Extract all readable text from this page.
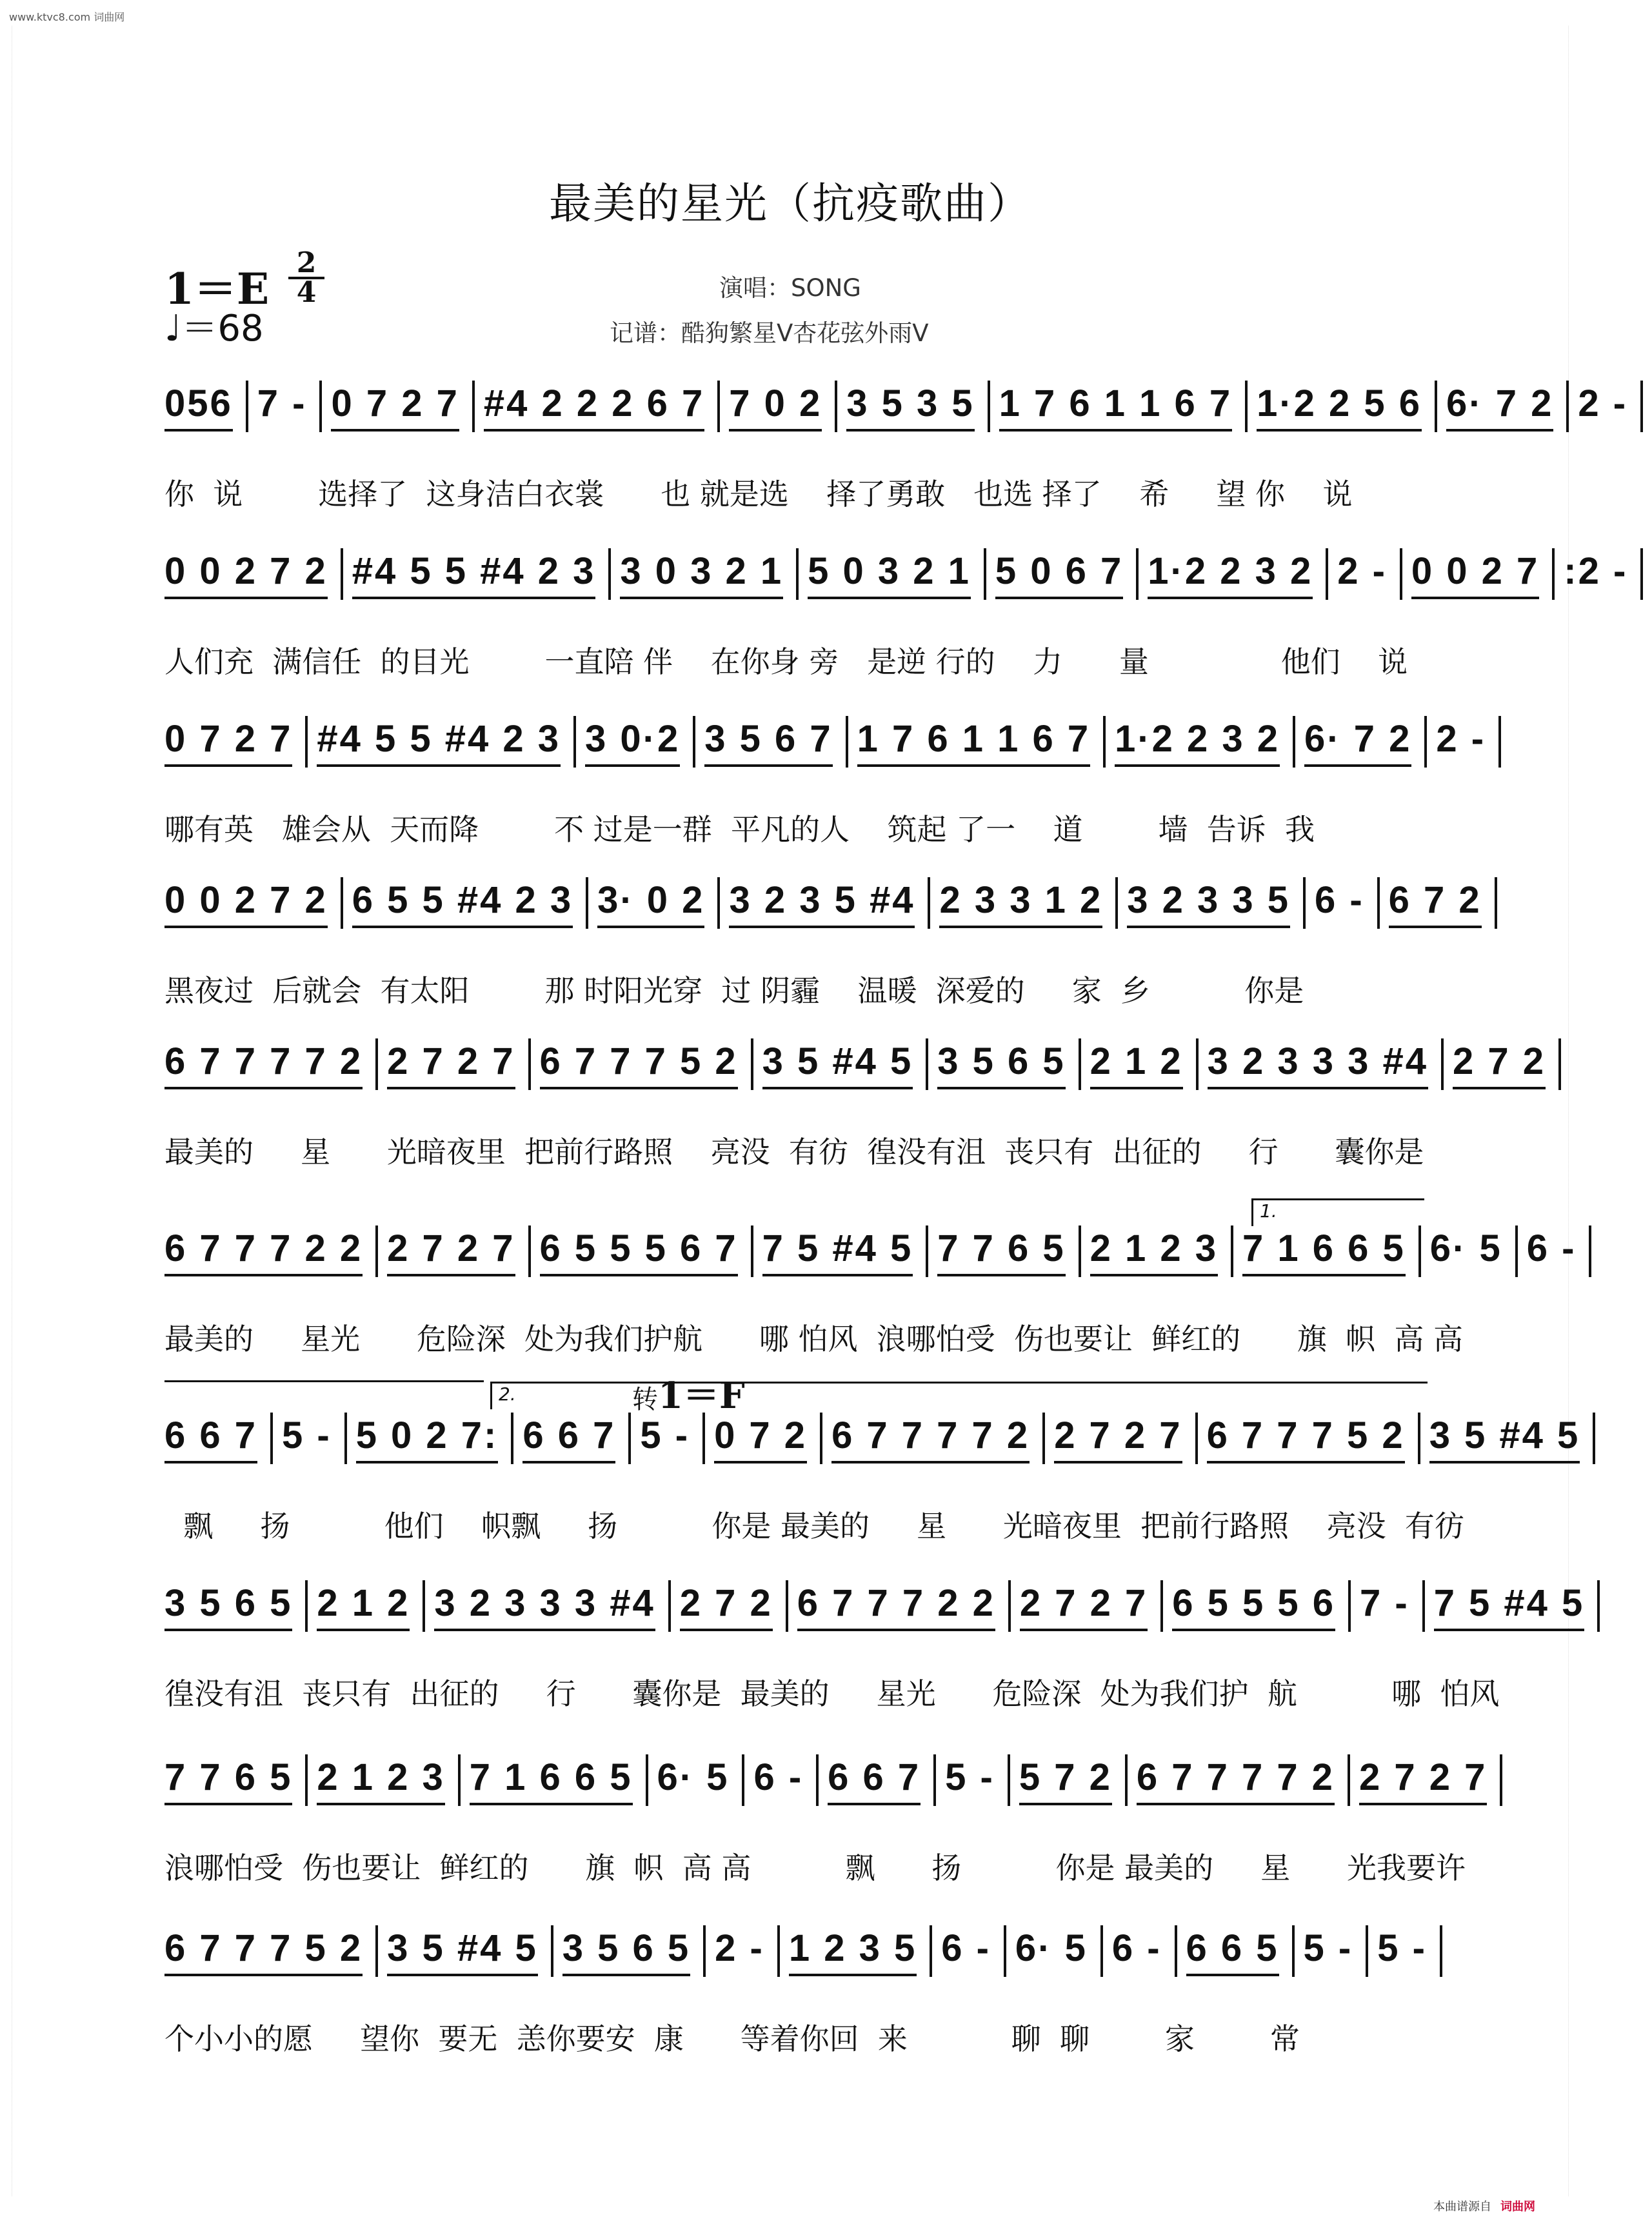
www.ktvc8.com 词曲网
最美的星光（抗疫歌曲）
1＝E
2
4
♩＝68
演唱：SONG
记谱：酷狗繁星V杏花弦外雨V
056 7 - 0 7 2 7 #4 2 2 2 6 7 7 0 2 3 5 3 5 1 7 6 1 1 6 7 1·2 2 5 6 6· 7 2 2 -
你  说        选择了  这身洁白衣裳      也 就是选    择了勇敢   也选 择了    希     望 你    说
0 0 2 7 2 #4 5 5 #4 2 3 3 0 3 2 1 5 0 3 2 1 5 0 6 7 1·2 2 3 2 2 - 0 0 2 7 :2 -
人们充  满信任  的目光        一直陪 伴    在你身 旁   是逆 行的    力      量              他们    说
0 7 2 7 #4 5 5 #4 2 3 3 0·2 3 5 6 7 1 7 6 1 1 6 7 1·2 2 3 2 6· 7 2 2 -
哪有英   雄会从  天而降        不 过是一群  平凡的人    筑起 了一    道        墙  告诉  我
0 0 2 7 2 6 5 5 #4 2 3 3· 0 2 3 2 3 5 #4 2 3 3 1 2 3 2 3 3 5 6 - 6 7 2
黑夜过  后就会  有太阳        那 时阳光穿  过 阴霾    温暖  深爱的     家  乡          你是
6 7 7 7 7 2 2 7 2 7 6 7 7 7 5 2 3 5 #4 5 3 5 6 5 2 1 2 3 2 3 3 3 #4 2 7 2
最美的     星      光暗夜里  把前行路照    亮没  有彷  徨没有沮  丧只有  出征的     行      囊你是
6 7 7 7 2 2 2 7 2 7 6 5 5 5 6 7 7 5 #4 5 7 7 6 5 2 1 2 3 7 1 6 6 5 6· 5 6 -
最美的     星光      危险深  处为我们护航      哪 怕风  浪哪怕受  伤也要让  鲜红的      旗  帜  高 高
6 6 7 5 - 5 0 2 7: 6 6 7 5 - 0 7 2 6 7 7 7 7 2 2 7 2 7 6 7 7 7 5 2 3 5 #4 5
飘     扬          他们    帜飘     扬          你是 最美的     星      光暗夜里  把前行路照    亮没  有彷
3 5 6 5 2 1 2 3 2 3 3 3 #4 2 7 2 6 7 7 7 2 2 2 7 2 7 6 5 5 5 6 7 - 7 5 #4 5
徨没有沮  丧只有  出征的     行      囊你是  最美的     星光      危险深  处为我们护  航          哪  怕风
7 7 6 5 2 1 2 3 7 1 6 6 5 6· 5 6 - 6 6 7 5 - 5 7 2 6 7 7 7 7 2 2 7 2 7
浪哪怕受  伤也要让  鲜红的      旗  帜  高 高          飘      扬          你是 最美的     星      光我要许
6 7 7 7 5 2 3 5 #4 5 3 5 6 5 2 - 1 2 3 5 6 - 6· 5 6 - 6 6 5 5 - 5 -
个小小的愿     望你  要无  恙你要安  康      等着你回  来           聊  聊        家        常
1.
2.	转1＝F
本曲谱源自 词曲网
